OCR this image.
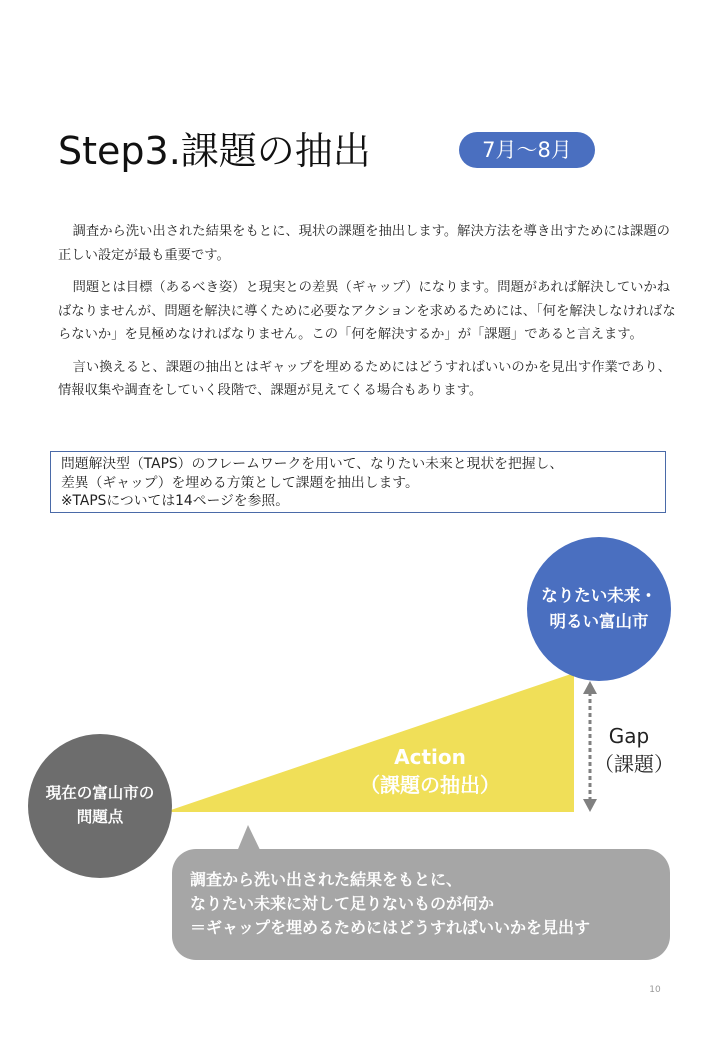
Step3.課題の抽出	7月～8月

調査から洗い出された結果をもとに、現状の課題を抽出します。解決方法を導き出すためには課題の正しい設定が最も重要です。

問題とは目標（あるべき姿）と現実との差異（ギャップ）になります。問題があれば解決していかねばなりませんが、問題を解決に導くために必要なアクションを求めるためには、「何を解決しなければならないか」を見極めなければなりません。この「何を解決するか」が「課題」であると言えます。

言い換えると、課題の抽出とはギャップを埋めるためにはどうすればいいのかを見出す作業であり、情報収集や調査をしていく段階で、課題が見えてくる場合もあります。

問題解決型（TAPS）のフレームワークを用いて、なりたい未来と現状を把握し、
差異（ギャップ）を埋める方策として課題を抽出します。
※TAPSについては14ページを参照。
なりたい未来・
明るい富山市
現在の富山市の
問題点
Action
（課題の抽出）
Gap
（課題）
調査から洗い出された結果をもとに、
なりたい未来に対して足りないものが何か
＝ギャップを埋めるためにはどうすればいいかを見出す
10
